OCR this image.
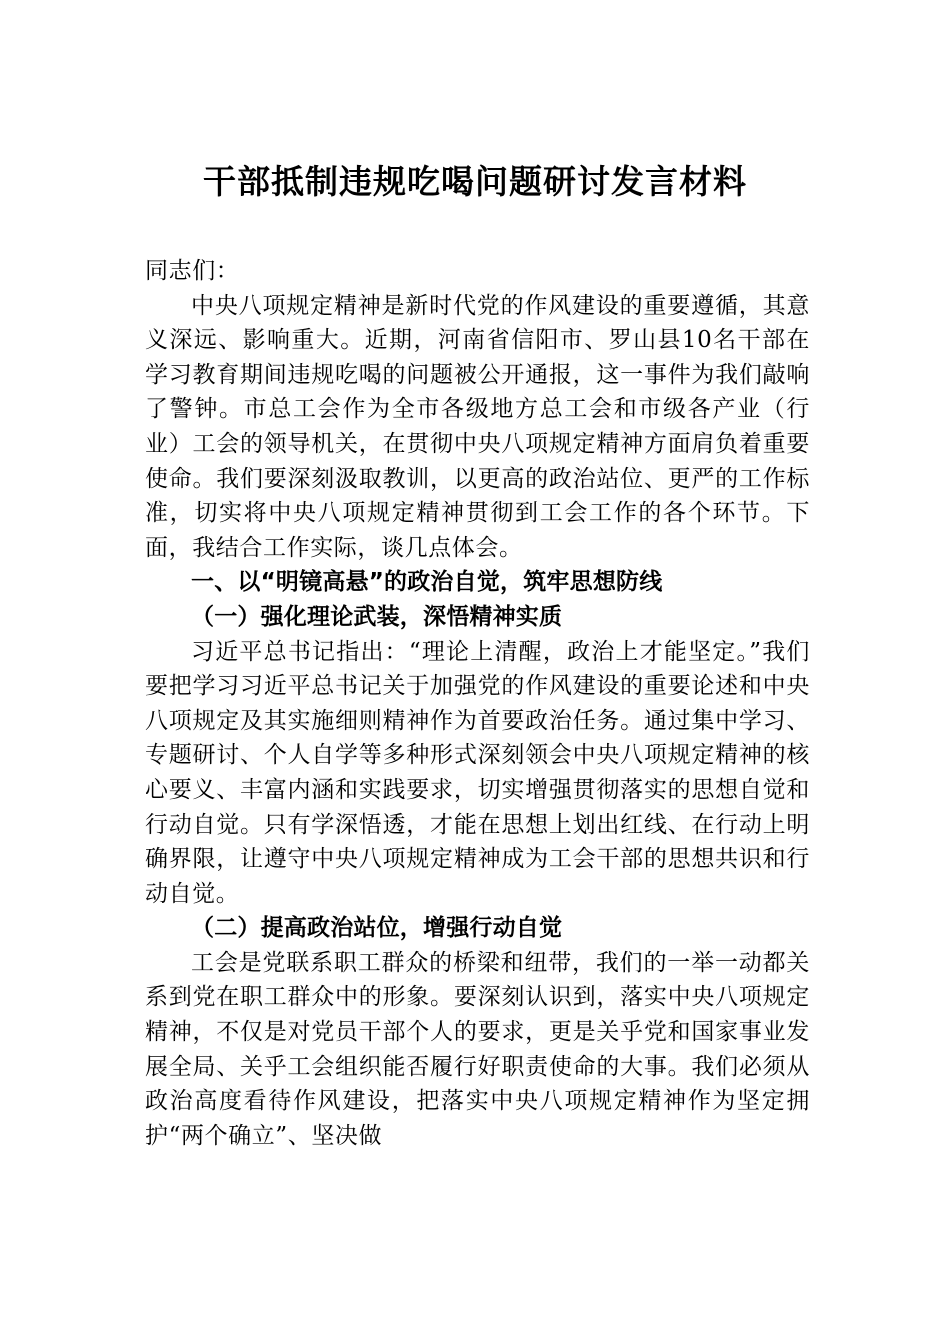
干部抵制违规吃喝问题研讨发言材料

同志们：

中央八项规定精神是新时代党的作风建设的重要遵循，其意义深远、影响重大。近期，河南省信阳市、罗山县10名干部在学习教育期间违规吃喝的问题被公开通报，这一事件为我们敲响了警钟。市总工会作为全市各级地方总工会和市级各产业（行业）工会的领导机关，在贯彻中央八项规定精神方面肩负着重要使命。我们要深刻汲取教训，以更高的政治站位、更严的工作标准，切实将中央八项规定精神贯彻到工会工作的各个环节。下面，我结合工作实际，谈几点体会。

一、以“明镜高悬”的政治自觉，筑牢思想防线

（一）强化理论武装，深悟精神实质

习近平总书记指出：“理论上清醒，政治上才能坚定。”我们要把学习习近平总书记关于加强党的作风建设的重要论述和中央八项规定及其实施细则精神作为首要政治任务。通过集中学习、专题研讨、个人自学等多种形式深刻领会中央八项规定精神的核心要义、丰富内涵和实践要求，切实增强贯彻落实的思想自觉和行动自觉。只有学深悟透，才能在思想上划出红线、在行动上明确界限，让遵守中央八项规定精神成为工会干部的思想共识和行动自觉。

（二）提高政治站位，增强行动自觉

工会是党联系职工群众的桥梁和纽带，我们的一举一动都关系到党在职工群众中的形象。要深刻认识到，落实中央八项规定精神，不仅是对党员干部个人的要求，更是关乎党和国家事业发展全局、关乎工会组织能否履行好职责使命的大事。我们必须从政治高度看待作风建设，把落实中央八项规定精神作为坚定拥护“两个确立”、坚决做
